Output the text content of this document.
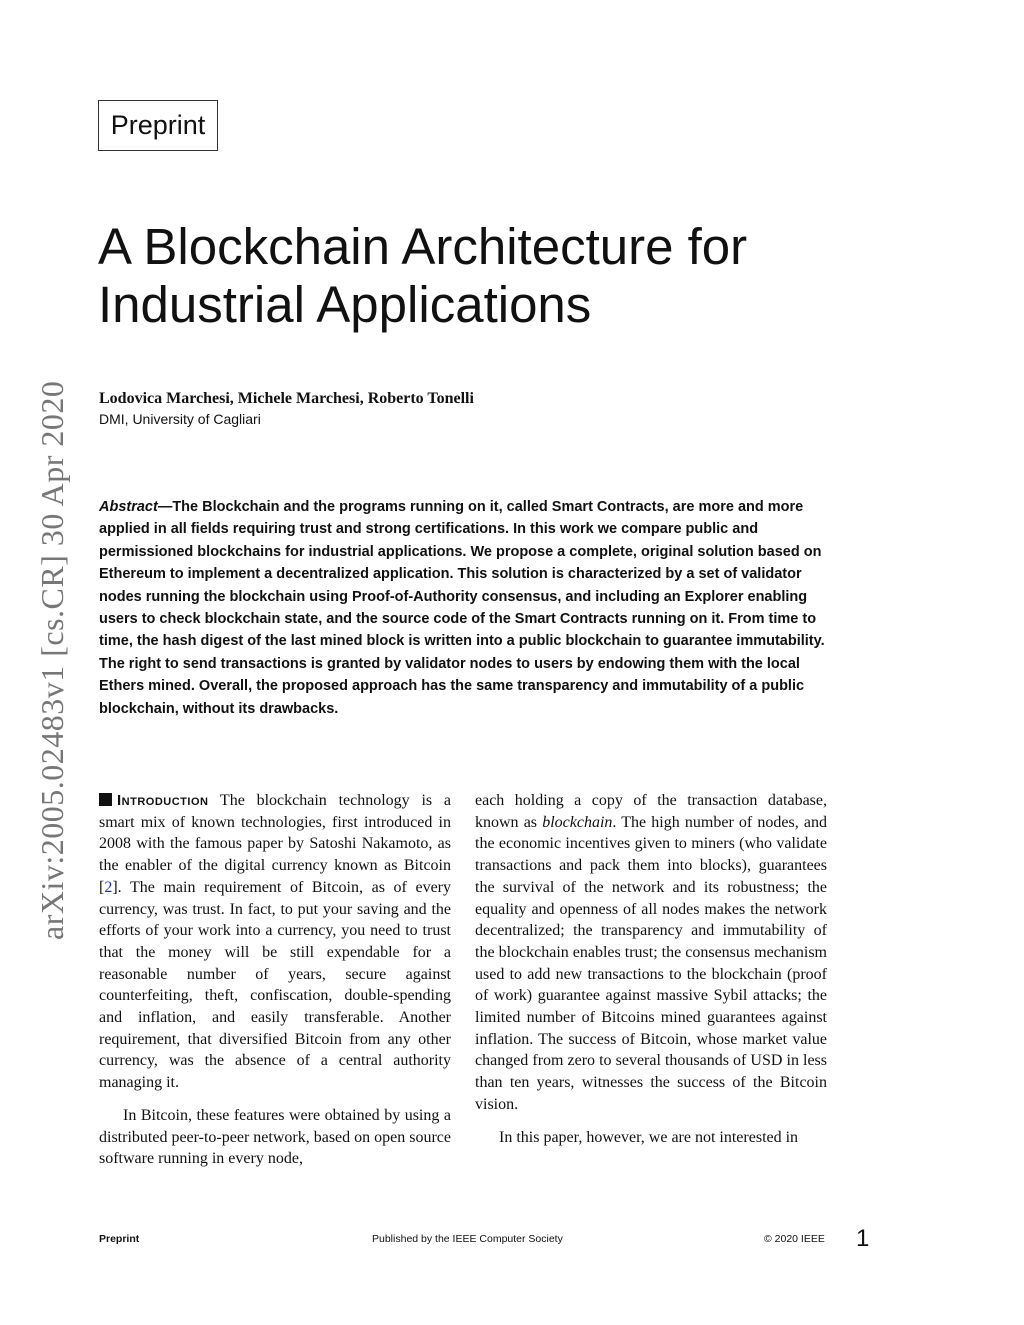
Preprint
A Blockchain Architecture for
Industrial Applications
Lodovica Marchesi, Michele Marchesi, Roberto Tonelli
DMI, University of Cagliari
arXiv:2005.02483v1 [cs.CR] 30 Apr 2020 Abstract—The Blockchain and the programs running on it, called Smart Contracts, are more and more applied in all fields requiring trust and strong certifications. In this work we compare public and permissioned blockchains for industrial applications. We propose a complete, original solution based on Ethereum to implement a decentralized application. This solution is characterized by a set of validator nodes running the blockchain using Proof-of-Authority consensus, and including an Explorer enabling users to check blockchain state, and the source code of the Smart Contracts running on it. From time to time, the hash digest of the last mined block is written into a public blockchain to guarantee immutability. The right to send transactions is granted by validator nodes to users by endowing them with the local Ethers mined. Overall, the proposed approach has the same transparency and immutability of a public blockchain, without its drawbacks.

Introduction The blockchain technology is a smart mix of known technologies, first introduced in 2008 with the famous paper by Satoshi Nakamoto, as the enabler of the digital currency known as Bitcoin [2]. The main requirement of Bitcoin, as of every currency, was trust. In fact, to put your saving and the efforts of your work into a currency, you need to trust that the money will be still expendable for a reasonable number of years, secure against counterfeiting, theft, confiscation, double-spending and inflation, and easily transferable. Another requirement, that diversified Bitcoin from any other currency, was the absence of a central authority managing it.

In Bitcoin, these features were obtained by using a distributed peer-to-peer network, based on open source software running in every node,

each holding a copy of the transaction database, known as blockchain. The high number of nodes, and the economic incentives given to miners (who validate transactions and pack them into blocks), guarantees the survival of the network and its robustness; the equality and openness of all nodes makes the network decentralized; the transparency and immutability of the blockchain enables trust; the consensus mechanism used to add new transactions to the blockchain (proof of work) guarantee against massive Sybil attacks; the limited number of Bitcoins mined guarantees against inflation. The success of Bitcoin, whose market value changed from zero to several thousands of USD in less than ten years, witnesses the success of the Bitcoin vision.

In this paper, however, we are not interested in

Preprint	Published by the IEEE Computer Society	© 2020 IEEE 1
